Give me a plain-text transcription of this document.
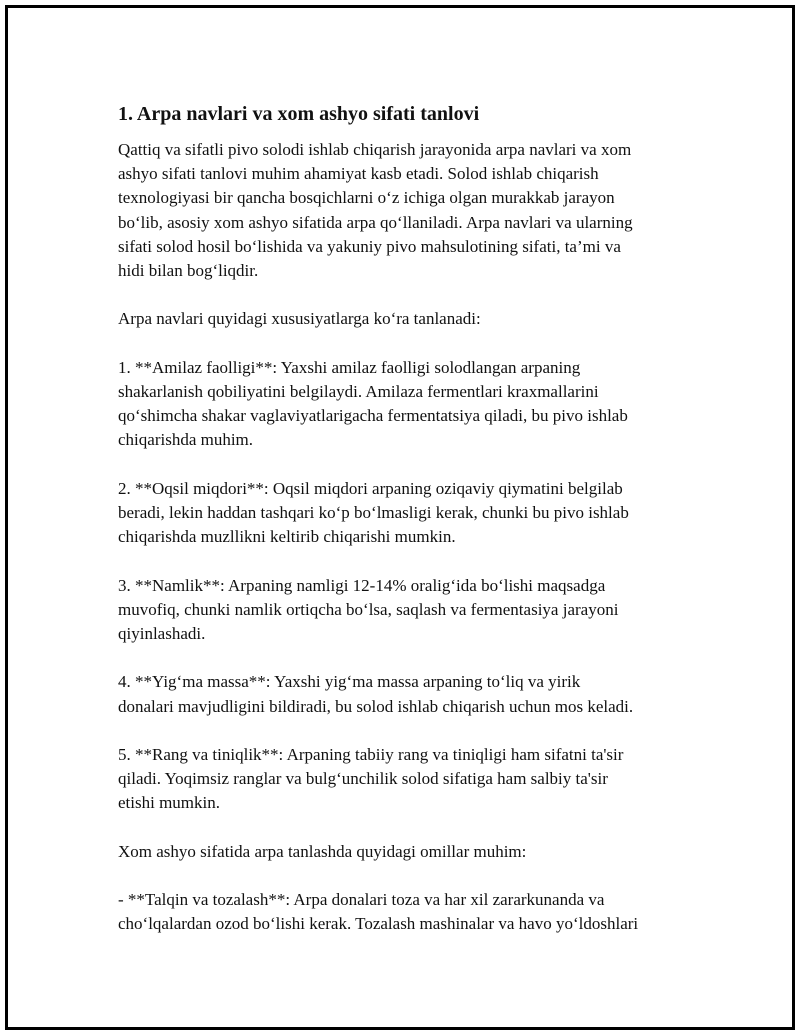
1. Arpa navlari va xom ashyo sifati tanlovi
Qattiq va sifatli pivo solodi ishlab chiqarish jarayonida arpa navlari va xom
ashyo sifati tanlovi muhim ahamiyat kasb etadi. Solod ishlab chiqarish
texnologiyasi bir qancha bosqichlarni o‘z ichiga olgan murakkab jarayon
bo‘lib, asosiy xom ashyo sifatida arpa qo‘llaniladi. Arpa navlari va ularning
sifati solod hosil bo‘lishida va yakuniy pivo mahsulotining sifati, ta’mi va
hidi bilan bog‘liqdir.
Arpa navlari quyidagi xususiyatlarga ko‘ra tanlanadi:
1. **Amilaz faolligi**: Yaxshi amilaz faolligi solodlangan arpaning
shakarlanish qobiliyatini belgilaydi. Amilaza fermentlari kraxmallarini
qo‘shimcha shakar vaglaviyatlarigacha fermentatsiya qiladi, bu pivo ishlab
chiqarishda muhim.
2. **Oqsil miqdori**: Oqsil miqdori arpaning oziqaviy qiymatini belgilab
beradi, lekin haddan tashqari ko‘p bo‘lmasligi kerak, chunki bu pivo ishlab
chiqarishda muzllikni keltirib chiqarishi mumkin.
3. **Namlik**: Arpaning namligi 12-14% oralig‘ida bo‘lishi maqsadga
muvofiq, chunki namlik ortiqcha bo‘lsa, saqlash va fermentasiya jarayoni
qiyinlashadi.
4. **Yig‘ma massa**: Yaxshi yig‘ma massa arpaning to‘liq va yirik
donalari mavjudligini bildiradi, bu solod ishlab chiqarish uchun mos keladi.
5. **Rang va tiniqlik**: Arpaning tabiiy rang va tiniqligi ham sifatni ta'sir
qiladi. Yoqimsiz ranglar va bulg‘unchilik solod sifatiga ham salbiy ta'sir
etishi mumkin.
Xom ashyo sifatida arpa tanlashda quyidagi omillar muhim:
- **Talqin va tozalash**: Arpa donalari toza va har xil zararkunanda va
cho‘lqalardan ozod bo‘lishi kerak. Tozalash mashinalar va havo yo‘ldoshlari
